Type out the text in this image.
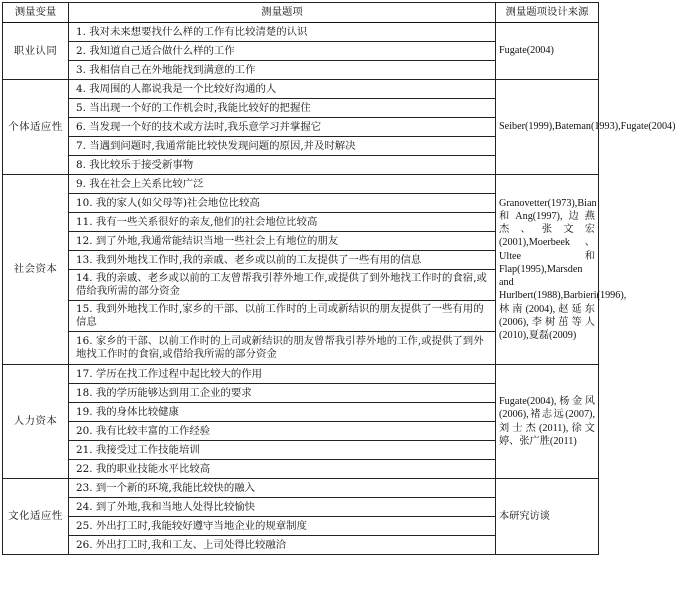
测量变量	测量题项	测量题项设计来源
职业认同	1. 我对未来想要找什么样的工作有比较清楚的认识	Fugate(2004)
	2. 我知道自己适合做什么样的工作	
	3. 我相信自己在外地能找到满意的工作	
个体适应性	4. 我周围的人都说我是一个比较好沟通的人	Seiber(1999),Bateman(1993),Fugate(2004)
	5. 当出现一个好的工作机会时,我能比较好的把握住	
	6. 当发现一个好的技术或方法时,我乐意学习并掌握它	
	7. 当遇到问题时,我通常能比较快发现问题的原因,并及时解决	
	8. 我比较乐于接受新事物	
社会资本	9. 我在社会上关系比较广泛	Granovetter(1973),Bian和Ang(1997),边燕杰、张文宏(2001),Moerbeek、Ultee和Flap(1995),Marsden and Hurlbert(1988),Barbieri(1996),林南(2004),赵延东(2006),李树茁等人(2010),夏磊(2009)
	10. 我的家人(如父母等)社会地位比较高	
	11. 我有一些关系很好的亲友,他们的社会地位比较高	
	12. 到了外地,我通常能结识当地一些社会上有地位的朋友	
	13. 我到外地找工作时,我的亲戚、老乡或以前的工友提供了一些有用的信息	
	14. 我的亲戚、老乡或以前的工友曾帮我引荐外地工作,或提供了到外地找工作时的食宿,或借给我所需的部分资金	
	15. 我到外地找工作时,家乡的干部、以前工作时的上司或新结识的朋友提供了一些有用的信息	
	16. 家乡的干部、以前工作时的上司或新结识的朋友曾帮我引荐外地的工作,或提供了到外地找工作时的食宿,或借给我所需的部分资金	
人力资本	17. 学历在找工作过程中起比较大的作用	Fugate(2004),杨金风(2006),褚志远(2007),刘士杰(2011),徐文婷、张广胜(2011)
	18. 我的学历能够达到用工企业的要求	
	19. 我的身体比较健康	
	20. 我有比较丰富的工作经验	
	21. 我接受过工作技能培训	
	22. 我的职业技能水平比较高	
文化适应性	23. 到一个新的环境,我能比较快的融入	本研究访谈
	24. 到了外地,我和当地人处得比较愉快	
	25. 外出打工时,我能较好遵守当地企业的规章制度	
	26. 外出打工时,我和工友、上司处得比较融洽	
